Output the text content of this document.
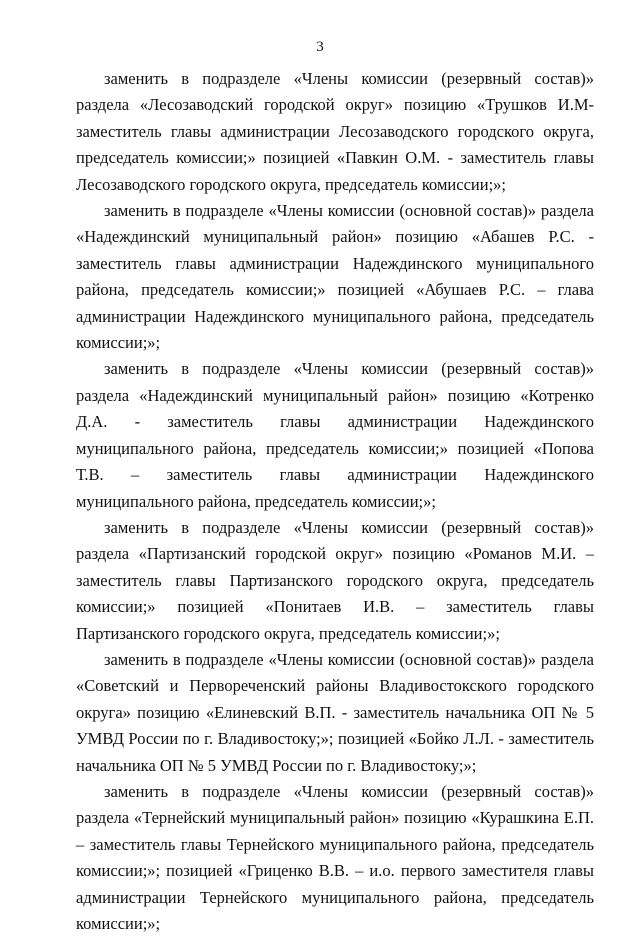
3

заменить в подразделе «Члены комиссии (резервный состав)» раздела «Лесозаводский городской округ» позицию «Трушков И.М- заместитель главы администрации Лесозаводского городского округа, председатель комиссии;» позицией «Павкин О.М. - заместитель главы Лесозаводского городского округа, председатель комиссии;»;

заменить в подразделе «Члены комиссии (основной состав)» раздела «Надеждинский муниципальный район» позицию «Абашев Р.С. - заместитель главы администрации Надеждинского муниципального района, председатель комиссии;» позицией «Абушаев Р.С. – глава администрации Надеждинского муниципального района, председатель комиссии;»;

заменить в подразделе «Члены комиссии (резервный состав)» раздела «Надеждинский муниципальный район» позицию «Котренко Д.А. - заместитель главы администрации Надеждинского муниципального района, председатель комиссии;» позицией «Попова Т.В. – заместитель главы администрации Надеждинского муниципального района, председатель комиссии;»;

заменить в подразделе «Члены комиссии (резервный состав)» раздела «Партизанский городской округ» позицию «Романов М.И. – заместитель главы Партизанского городского округа, председатель комиссии;» позицией «Понитаев И.В. – заместитель главы Партизанского городского округа, председатель комиссии;»;

заменить в подразделе «Члены комиссии (основной состав)» раздела «Советский и Первореченский районы Владивостокского городского округа» позицию «Елиневский В.П. - заместитель начальника ОП № 5 УМВД России по г. Владивостоку;»; позицией «Бойко Л.Л. - заместитель начальника ОП № 5 УМВД России по г. Владивостоку;»;

заменить в подразделе «Члены комиссии (резервный состав)» раздела «Тернейский муниципальный район» позицию «Курашкина Е.П. – заместитель главы Тернейского муниципального района, председатель комиссии;»; позицией «Гриценко В.В. – и.о. первого заместителя главы администрации Тернейского муниципального района, председатель комиссии;»;
